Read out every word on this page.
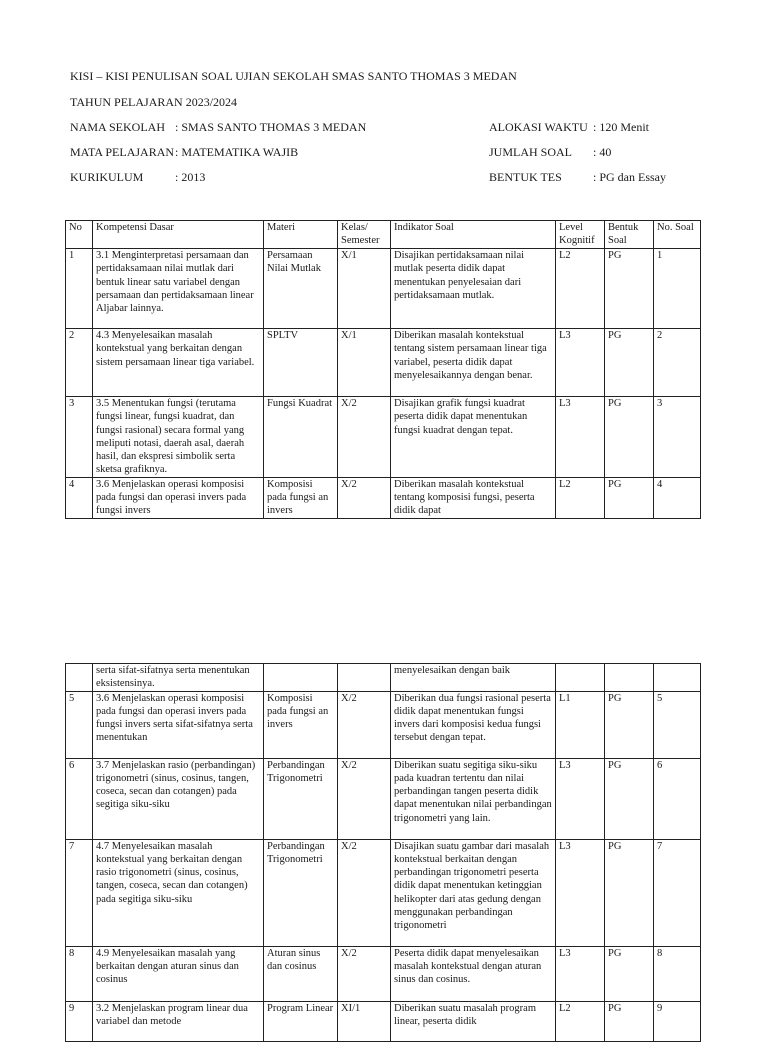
KISI – KISI PENULISAN SOAL UJIAN SEKOLAH SMAS SANTO THOMAS 3 MEDAN
TAHUN PELAJARAN 2023/2024
NAMA SEKOLAH : SMAS SANTO THOMAS 3 MEDAN
MATA PELAJARAN : MATEMATIKA WAJIB
KURIKULUM	: 2013
ALOKASI WAKTU : 120 Menit
JUMLAH SOAL : 40
BENTUK TES	: PG dan Essay
No	Kompetensi Dasar	Materi	Kelas/ Semester	Indikator Soal	Level Kognitif	Bentuk Soal	No. Soal
1	3.1 Menginterpretasi persamaan dan pertidaksamaan nilai mutlak dari bentuk linear satu variabel dengan persamaan dan pertidaksamaan linear Aljabar lainnya.	Persamaan Nilai Mutlak	X/1	Disajikan pertidaksamaan nilai mutlak peserta didik dapat menentukan penyelesaian dari pertidaksamaan mutlak.	L2	PG	1
2	4.3 Menyelesaikan masalah kontekstual yang berkaitan dengan sistem persamaan linear tiga variabel.	SPLTV	X/1	Diberikan masalah kontekstual tentang sistem persamaan linear tiga variabel, peserta didik dapat menyelesaikannya dengan benar.	L3	PG	2
3	3.5 Menentukan fungsi (terutama fungsi linear, fungsi kuadrat, dan fungsi rasional) secara formal yang meliputi notasi, daerah asal, daerah hasil, dan ekspresi simbolik serta sketsa grafiknya.	Fungsi Kuadrat	X/2	Disajikan grafik fungsi kuadrat peserta didik dapat menentukan fungsi kuadrat dengan tepat.	L3	PG	3
4	3.6 Menjelaskan operasi komposisi pada fungsi dan operasi invers pada fungsi invers	Komposisi pada fungsi an invers	X/2	Diberikan masalah kontekstual tentang komposisi fungsi, peserta didik dapat	L2	PG	4
	serta sifat-sifatnya serta menentukan eksistensinya.			menyelesaikan dengan baik			
5	3.6 Menjelaskan operasi komposisi pada fungsi dan operasi invers pada fungsi invers serta sifat-sifatnya serta menentukan	Komposisi pada fungsi an invers	X/2	Diberikan dua fungsi rasional peserta didik dapat menentukan fungsi invers dari komposisi kedua fungsi tersebut dengan tepat.	L1	PG	5
6	3.7 Menjelaskan rasio (perbandingan) trigonometri (sinus, cosinus, tangen, coseca, secan dan cotangen) pada segitiga siku-siku	Perbandingan Trigonometri	X/2	Diberikan suatu segitiga siku-siku pada kuadran tertentu dan nilai perbandingan tangen peserta didik dapat menentukan nilai perbandingan trigonometri yang lain.	L3	PG	6
7	4.7 Menyelesaikan masalah kontekstual yang berkaitan dengan rasio trigonometri (sinus, cosinus, tangen, coseca, secan dan cotangen) pada segitiga siku-siku	Perbandingan Trigonometri	X/2	Disajikan suatu gambar dari masalah kontekstual berkaitan dengan perbandingan trigonometri peserta didik dapat menentukan ketinggian helikopter dari atas gedung dengan menggunakan perbandingan trigonometri	L3	PG	7
8	4.9 Menyelesaikan masalah yang berkaitan dengan aturan sinus dan cosinus	Aturan sinus dan cosinus	X/2	Peserta didik dapat menyelesaikan masalah kontekstual dengan aturan sinus dan cosinus.	L3	PG	8
9	3.2 Menjelaskan program linear dua variabel dan metode	Program Linear	XI/1	Diberikan suatu masalah program linear, peserta didik	L2	PG	9
